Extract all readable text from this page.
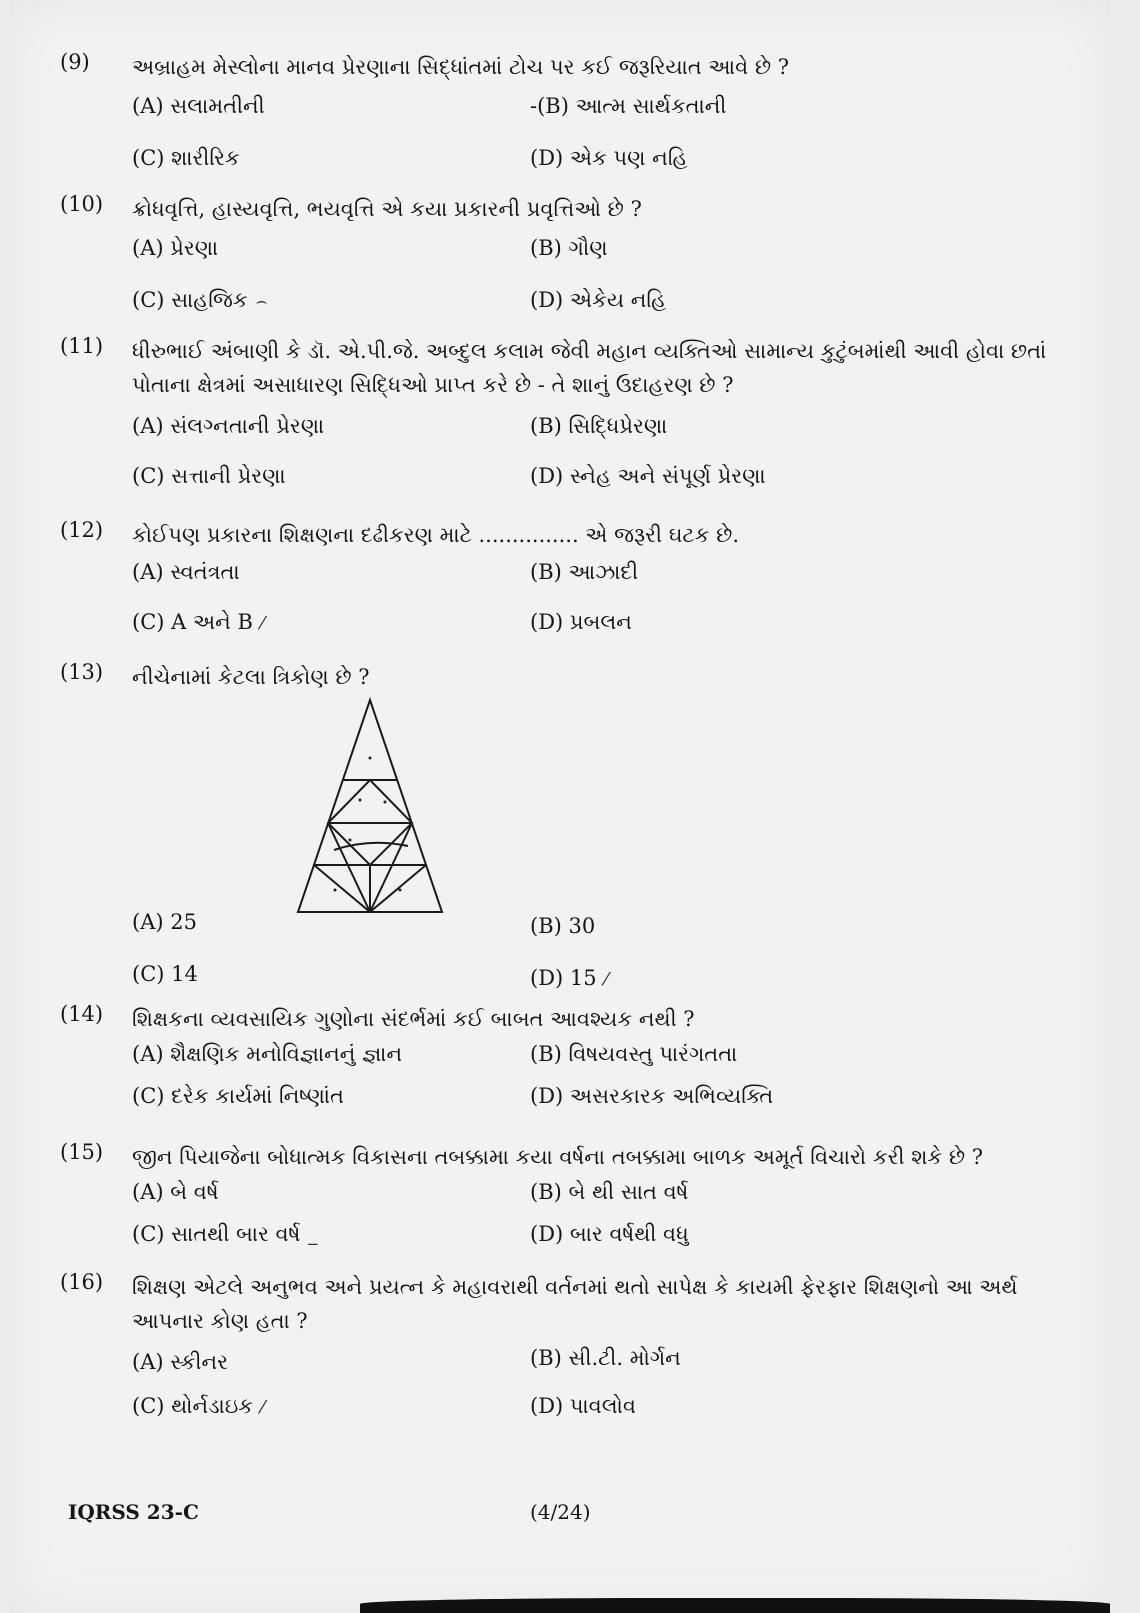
(9) અબ્રાહમ મેસ્લોના માનવ પ્રેરણાના સિદ્ધાંતમાં ટોચ પર કઈ જરૂરિયાત આવે છે ?
(A) સલામતીની	-(B) આત્મ સાર્થકતાની
(C) શારીરિક	(D) એક પણ નહિ
(10) ક્રોધવૃત્તિ, હાસ્યવૃત્તિ, ભયવૃત્તિ એ કયા પ્રકારની પ્રવૃત્તિઓ છે ?
(A) પ્રેરણા	(B) ગૌણ
(C) સાહજિક ⌢	(D) એકેય નહિ
(11) ધીરુભાઈ અંબાણી કે ડૉ. એ.પી.જે. અબ્દુલ કલામ જેવી મહાન વ્યક્તિઓ સામાન્ય કુટુંબમાંથી આવી હોવા છતાં પોતાના ક્ષેત્રમાં અસાધારણ સિદ્ધિઓ પ્રાપ્ત કરે છે - તે શાનું ઉદાહરણ છે ?
(A) સંલગ્નતાની પ્રેરણા	(B) સિદ્ધિપ્રેરણા
(C) સત્તાની પ્રેરણા	(D) સ્નેહ અને સંપૂર્ણ પ્રેરણા
(12) કોઈપણ પ્રકારના શિક્ષણના દઢીકરણ માટે ............... એ જરૂરી ઘટક છે.
(A) સ્વતંત્રતા	(B) આઝાદી
(C) A અને B ⁄	(D) પ્રબલન
(13) નીચેનામાં કેટલા ત્રિકોણ છે ?
(A) 25	(B) 30
(C) 14	(D) 15 ⁄
(14) શિક્ષકના વ્યવસાયિક ગુણોના સંદર્ભમાં કઈ બાબત આવશ્યક નથી ?
(A) શૈક્ષણિક મનોવિજ્ઞાનનું જ્ઞાન	(B) વિષયવસ્તુ પારંગતતા
(C) દરેક કાર્યમાં નિષ્ણાંત	(D) અસરકારક અભિવ્યક્તિ
(15) જીન પિયાજેના બોધાત્મક વિકાસના તબક્કામા કયા વર્ષના તબક્કામા બાળક અમૂર્ત વિચારો કરી શકે છે ?
(A) બે વર્ષ	(B) બે થી સાત વર્ષ
(C) સાતથી બાર વર્ષ _	(D) બાર વર્ષથી વધુ
(16) શિક્ષણ એટલે અનુભવ અને પ્રયત્ન કે મહાવરાથી વર્તનમાં થતો સાપેક્ષ કે કાયમી ફેરફાર શિક્ષણનો આ અર્થ આપનાર કોણ હતા ?
(A) સ્કીનર	(B) સી.ટી. મોર્ગન
(C) થોર્નડાઇક ⁄	(D) પાવલોવ
IQRSS 23-C	(4/24)
